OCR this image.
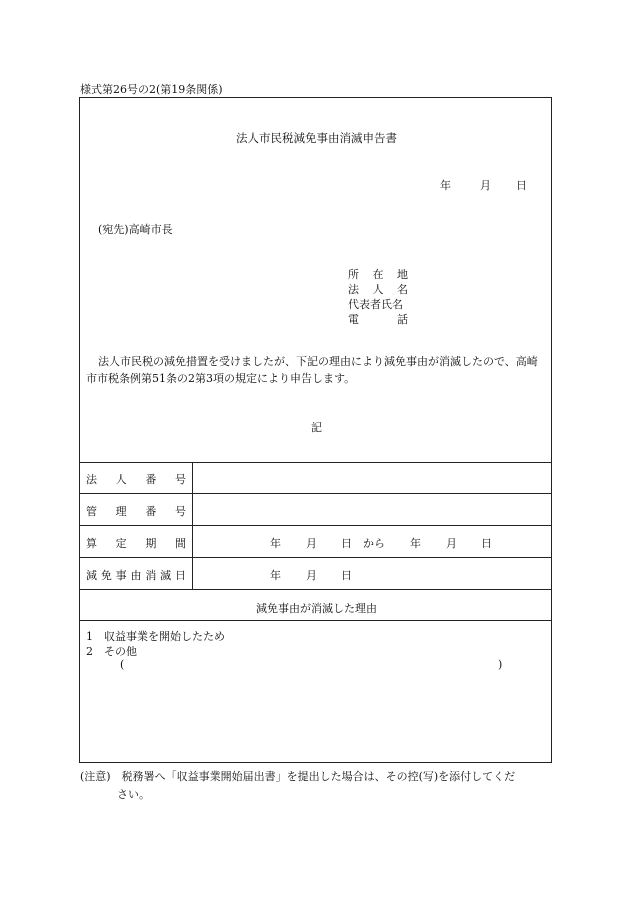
様式第26号の2(第19条関係)
法人市民税減免事由消滅申告書
年	月 日
(宛先)高崎市長
所 在 地
法 人 名
代表者氏名
電	話
法人市民税の減免措置を受けましたが、下記の理由により減免事由が消滅したので、高崎市市税条例第51条の2第3項の規定により申告します。
記
法 人 番 号
管 理 番 号
算 定 期 間	年 月 日 から 年 月 日
減 免 事 由 消 滅 日	年 月 日
減免事由が消滅した理由
1　収益事業を開始したため
2　その他
(	)
(注意)　税務署へ「収益事業開始届出書」を提出した場合は、その控(写)を添付してくだ
さい。
